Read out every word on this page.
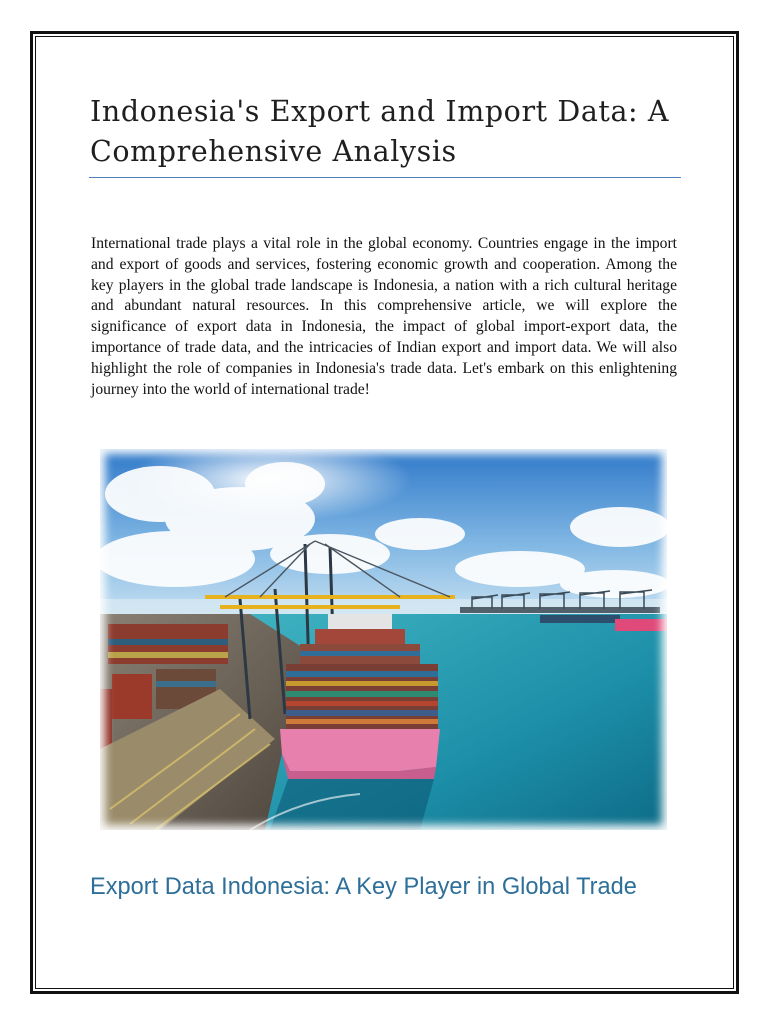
Indonesia's Export and Import Data: A Comprehensive Analysis

International trade plays a vital role in the global economy. Countries engage in the import and export of goods and services, fostering economic growth and cooperation. Among the key players in the global trade landscape is Indonesia, a nation with a rich cultural heritage and abundant natural resources. In this comprehensive article, we will explore the significance of export data in Indonesia, the impact of global import-export data, the importance of trade data, and the intricacies of Indian export and import data. We will also highlight the role of companies in Indonesia's trade data. Let's embark on this enlightening journey into the world of international trade!

Export Data Indonesia: A Key Player in Global Trade
